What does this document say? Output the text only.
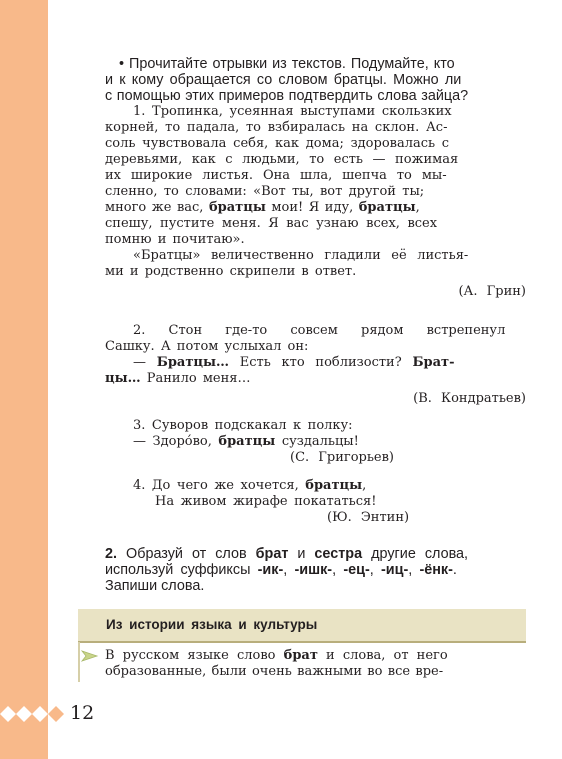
12
• Прочитайте отрывки из текстов. Подумайте, кто
и к кому обращается со словом братцы. Можно ли
с помощью этих примеров подтвердить слова зайца?
1. Тропинка, усеянная выступами скользких
корней, то падала, то взбиралась на склон. Ас-
соль чувствовала себя, как дома; здоровалась с
деревьями, как с людьми, то есть — пожимая
их широкие листья. Она шла, шепча то мы-
сленно, то словами: «Вот ты, вот другой ты;
много же вас, братцы мои! Я иду, братцы,
спешу, пустите меня. Я вас узнаю всех, всех
помню и почитаю».
«Братцы» величественно гладили её листья-
ми и родственно скрипели в ответ.
(А. Грин)
2. Стон где-то совсем рядом встрепенул
Сашку. А потом услыхал он:
— Братцы… Есть кто поблизости? Брат-
цы… Ранило меня…
(В. Кондратьев)
3. Суворов подскакал к полку:
— Здоро́во, братцы суздальцы!
(С. Григорьев)
4. До чего же хочется, братцы,
На живом жирафе покататься!
(Ю. Энтин)
2. Образуй от слов брат и сестра другие слова,
используй суффиксы -ик-, -ишк-, -ец-, -иц-, -ёнк-.
Запиши слова.
Из истории языка и культуры
В русском языке слово брат и слова, от него
образованные, были очень важными во все вре-
